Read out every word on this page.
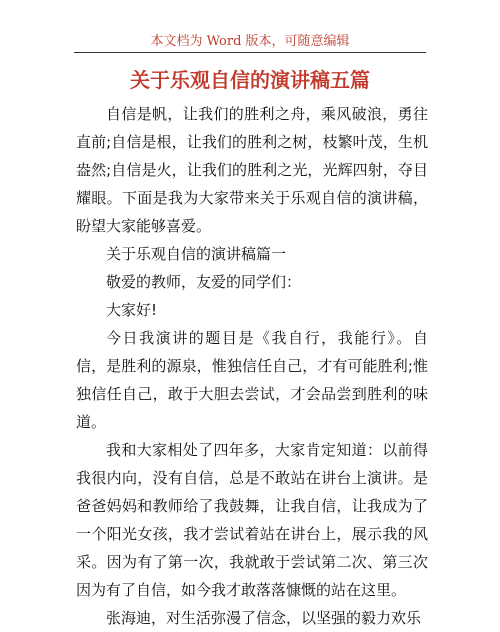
本文档为 Word 版本，可随意编辑
关于乐观自信的演讲稿五篇

自信是帆，让我们的胜利之舟，乘风破浪，勇往直前;自信是根，让我们的胜利之树，枝繁叶茂，生机盎然;自信是火，让我们的胜利之光，光辉四射，夺目耀眼。下面是我为大家带来关于乐观自信的演讲稿，盼望大家能够喜爱。

关于乐观自信的演讲稿篇一

敬爱的教师，友爱的同学们：

大家好!

今日我演讲的题目是《我自行，我能行》。自信，是胜利的源泉，惟独信任自己，才有可能胜利;惟独信任自己，敢于大胆去尝试，才会品尝到胜利的味道。

我和大家相处了四年多，大家肯定知道：以前得我很内向，没有自信，总是不敢站在讲台上演讲。是爸爸妈妈和教师给了我鼓舞，让我自信，让我成为了一个阳光女孩，我才尝试着站在讲台上，展示我的风采。因为有了第一次，我就敢于尝试第二次、第三次因为有了自信，如今我才敢落落慷慨的站在这里。

张海迪，对生活弥漫了信念，以坚强的毅力欢乐
